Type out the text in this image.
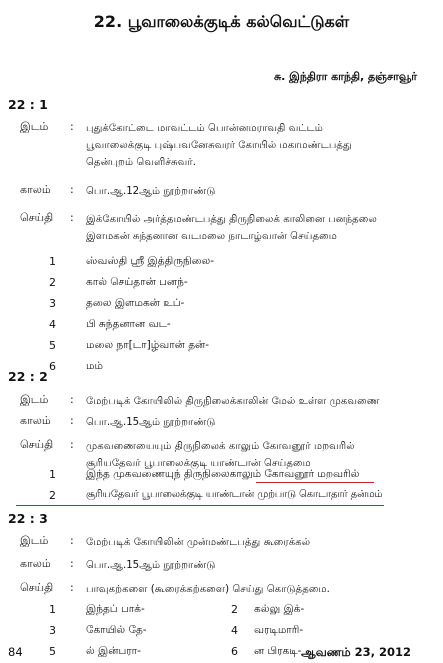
22. பூவாலைக்குடிக் கல்வெட்டுகள்
சு. இந்திரா காந்தி, தஞ்சாவூர்
22 : 1
இடம் : புதுக்கோட்டை மாவட்டம் பொன்னமராவதி வட்டம்
பூவாலைக்குடி புஷ்பவனேசுவரர் கோயில் மகாமண்டபத்து
தென்புறம் வெளிச்சுவர்.
காலம் : பொ.ஆ.12ஆம் நூற்றாண்டு
செய்தி : இக்கோயில் அர்த்தமண்டபத்து திருநிலைக் காலினை பனந்தலை
இளமகன் சுந்தனான வடமலை நாடாழ்வான் செய்தமை
1	ஸ்வஸ்தி ஸ்ரீ இத்திருநிலை-
2	கால் செய்தான் பனந்-
3	தலை இளமகன் உப்-
4	பி சுந்தனான வட-
5	மலை நா[டா]ழ்வான் தன்-
6	மம்
22 : 2
இடம் : மேற்படிக் கோயிலில் திருநிலைக்காலின் மேல் உள்ள முகவணை
காலம் : பொ.ஆ.15ஆம் நூற்றாண்டு
செய்தி : முகவணையையும் திருநிலைக் காலும் கோவனூர் மறவரில்
சூரியதேவர் பூபாலைக்குடி யாண்டான் செய்தமை
1	இந்த முகவணையுந் திருநிலைகாலும் கோவனூர் மறவரில்
2	சூரியதேவர் பூபாலைக்குடி யாண்டான் முற்பாடு கொடாதார் தன்மம்
22 : 3
இடம் : மேற்படிக் கோயிலின் முன்மண்டபத்து கூரைக்கல்
காலம் : பொ.ஆ.15ஆம் நூற்றாண்டு
செய்தி : பாவுகற்களை (கூரைக்கற்களை) செய்து கொடுத்தமை.
84	ஆவணம் 23, 2012
1	இந்தப் பாக்-	2 கல்லு இக்-
3	கோயில் தே-	4 வரடிமாரி-
5	ல் இன்பரா-	6 ன பிரகடி-
